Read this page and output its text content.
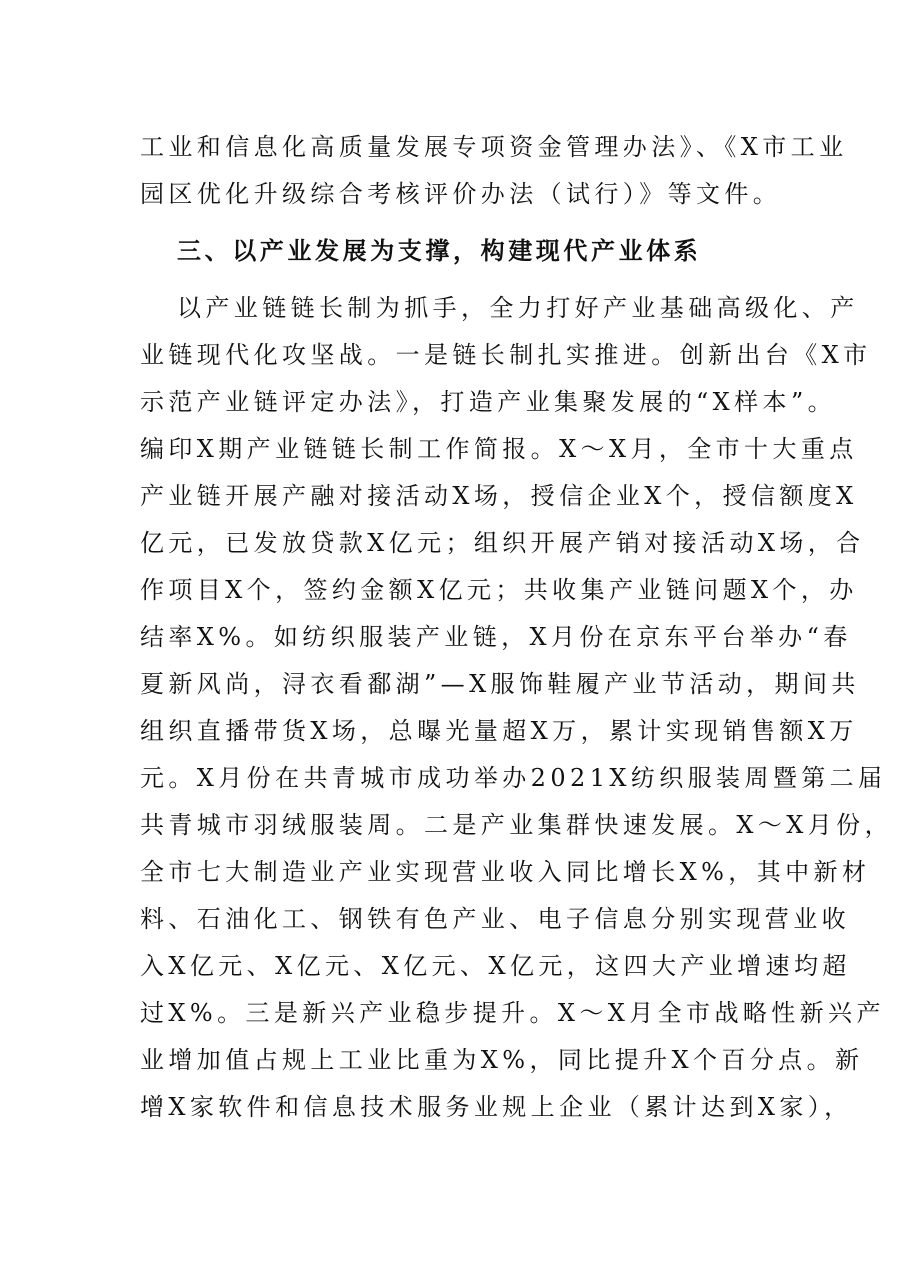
工业和信息化高质量发展专项资金管理办法》、《X市工业
园区优化升级综合考核评价办法（试行）》等文件。
三、以产业发展为支撑，构建现代产业体系
以产业链链长制为抓手，全力打好产业基础高级化、产
业链现代化攻坚战。一是链长制扎实推进。创新出台《X市
示范产业链评定办法》，打造产业集聚发展的“X样本”。
编印X期产业链链长制工作简报。X～X月，全市十大重点
产业链开展产融对接活动X场，授信企业X个，授信额度X
亿元，已发放贷款X亿元；组织开展产销对接活动X场，合
作项目X个，签约金额X亿元；共收集产业链问题X个，办
结率X%。如纺织服装产业链，X月份在京东平台举办“春
夏新风尚，浔衣看鄱湖”—X服饰鞋履产业节活动，期间共
组织直播带货X场，总曝光量超X万，累计实现销售额X万
元。X月份在共青城市成功举办2021X纺织服装周暨第二届
共青城市羽绒服装周。二是产业集群快速发展。X～X月份，
全市七大制造业产业实现营业收入同比增长X%，其中新材
料、石油化工、钢铁有色产业、电子信息分别实现营业收
入X亿元、X亿元、X亿元、X亿元，这四大产业增速均超
过X%。三是新兴产业稳步提升。X～X月全市战略性新兴产
业增加值占规上工业比重为X%，同比提升X个百分点。新
增X家软件和信息技术服务业规上企业（累计达到X家），
